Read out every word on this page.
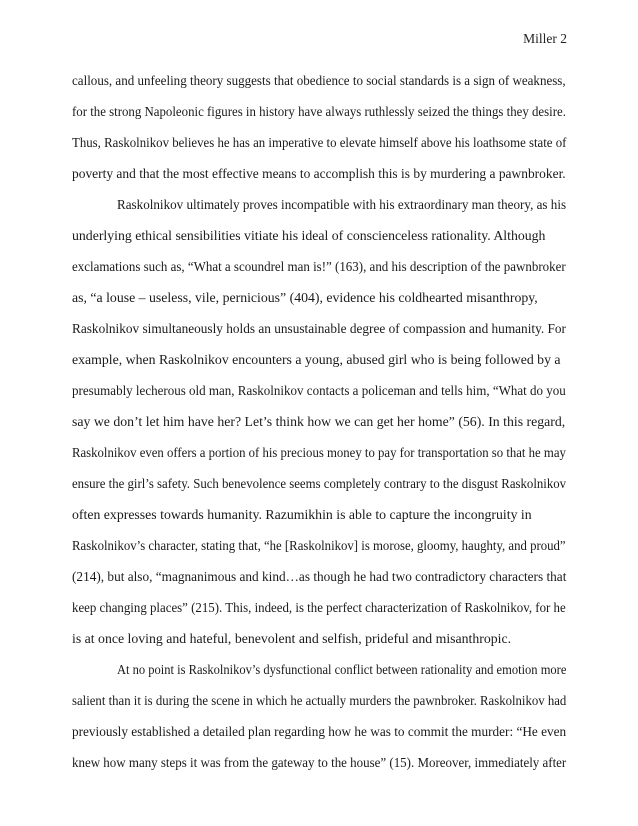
Miller 2
callous, and unfeeling theory suggests that obedience to social standards is a sign of weakness,
for the strong Napoleonic figures in history have always ruthlessly seized the things they desire.
Thus, Raskolnikov believes he has an imperative to elevate himself above his loathsome state of
poverty and that the most effective means to accomplish this is by murdering a pawnbroker.
Raskolnikov ultimately proves incompatible with his extraordinary man theory, as his
underlying ethical sensibilities vitiate his ideal of conscienceless rationality. Although
exclamations such as, “What a scoundrel man is!” (163), and his description of the pawnbroker
as, “a louse – useless, vile, pernicious” (404), evidence his coldhearted misanthropy,
Raskolnikov simultaneously holds an unsustainable degree of compassion and humanity. For
example, when Raskolnikov encounters a young, abused girl who is being followed by a
presumably lecherous old man, Raskolnikov contacts a policeman and tells him, “What do you
say we don’t let him have her? Let’s think how we can get her home” (56). In this regard,
Raskolnikov even offers a portion of his precious money to pay for transportation so that he may
ensure the girl’s safety. Such benevolence seems completely contrary to the disgust Raskolnikov
often expresses towards humanity. Razumikhin is able to capture the incongruity in
Raskolnikov’s character, stating that, “he [Raskolnikov] is morose, gloomy, haughty, and proud”
(214), but also, “magnanimous and kind…as though he had two contradictory characters that
keep changing places” (215). This, indeed, is the perfect characterization of Raskolnikov, for he
is at once loving and hateful, benevolent and selfish, prideful and misanthropic.
At no point is Raskolnikov’s dysfunctional conflict between rationality and emotion more
salient than it is during the scene in which he actually murders the pawnbroker. Raskolnikov had
previously established a detailed plan regarding how he was to commit the murder: “He even
knew how many steps it was from the gateway to the house” (15). Moreover, immediately after
